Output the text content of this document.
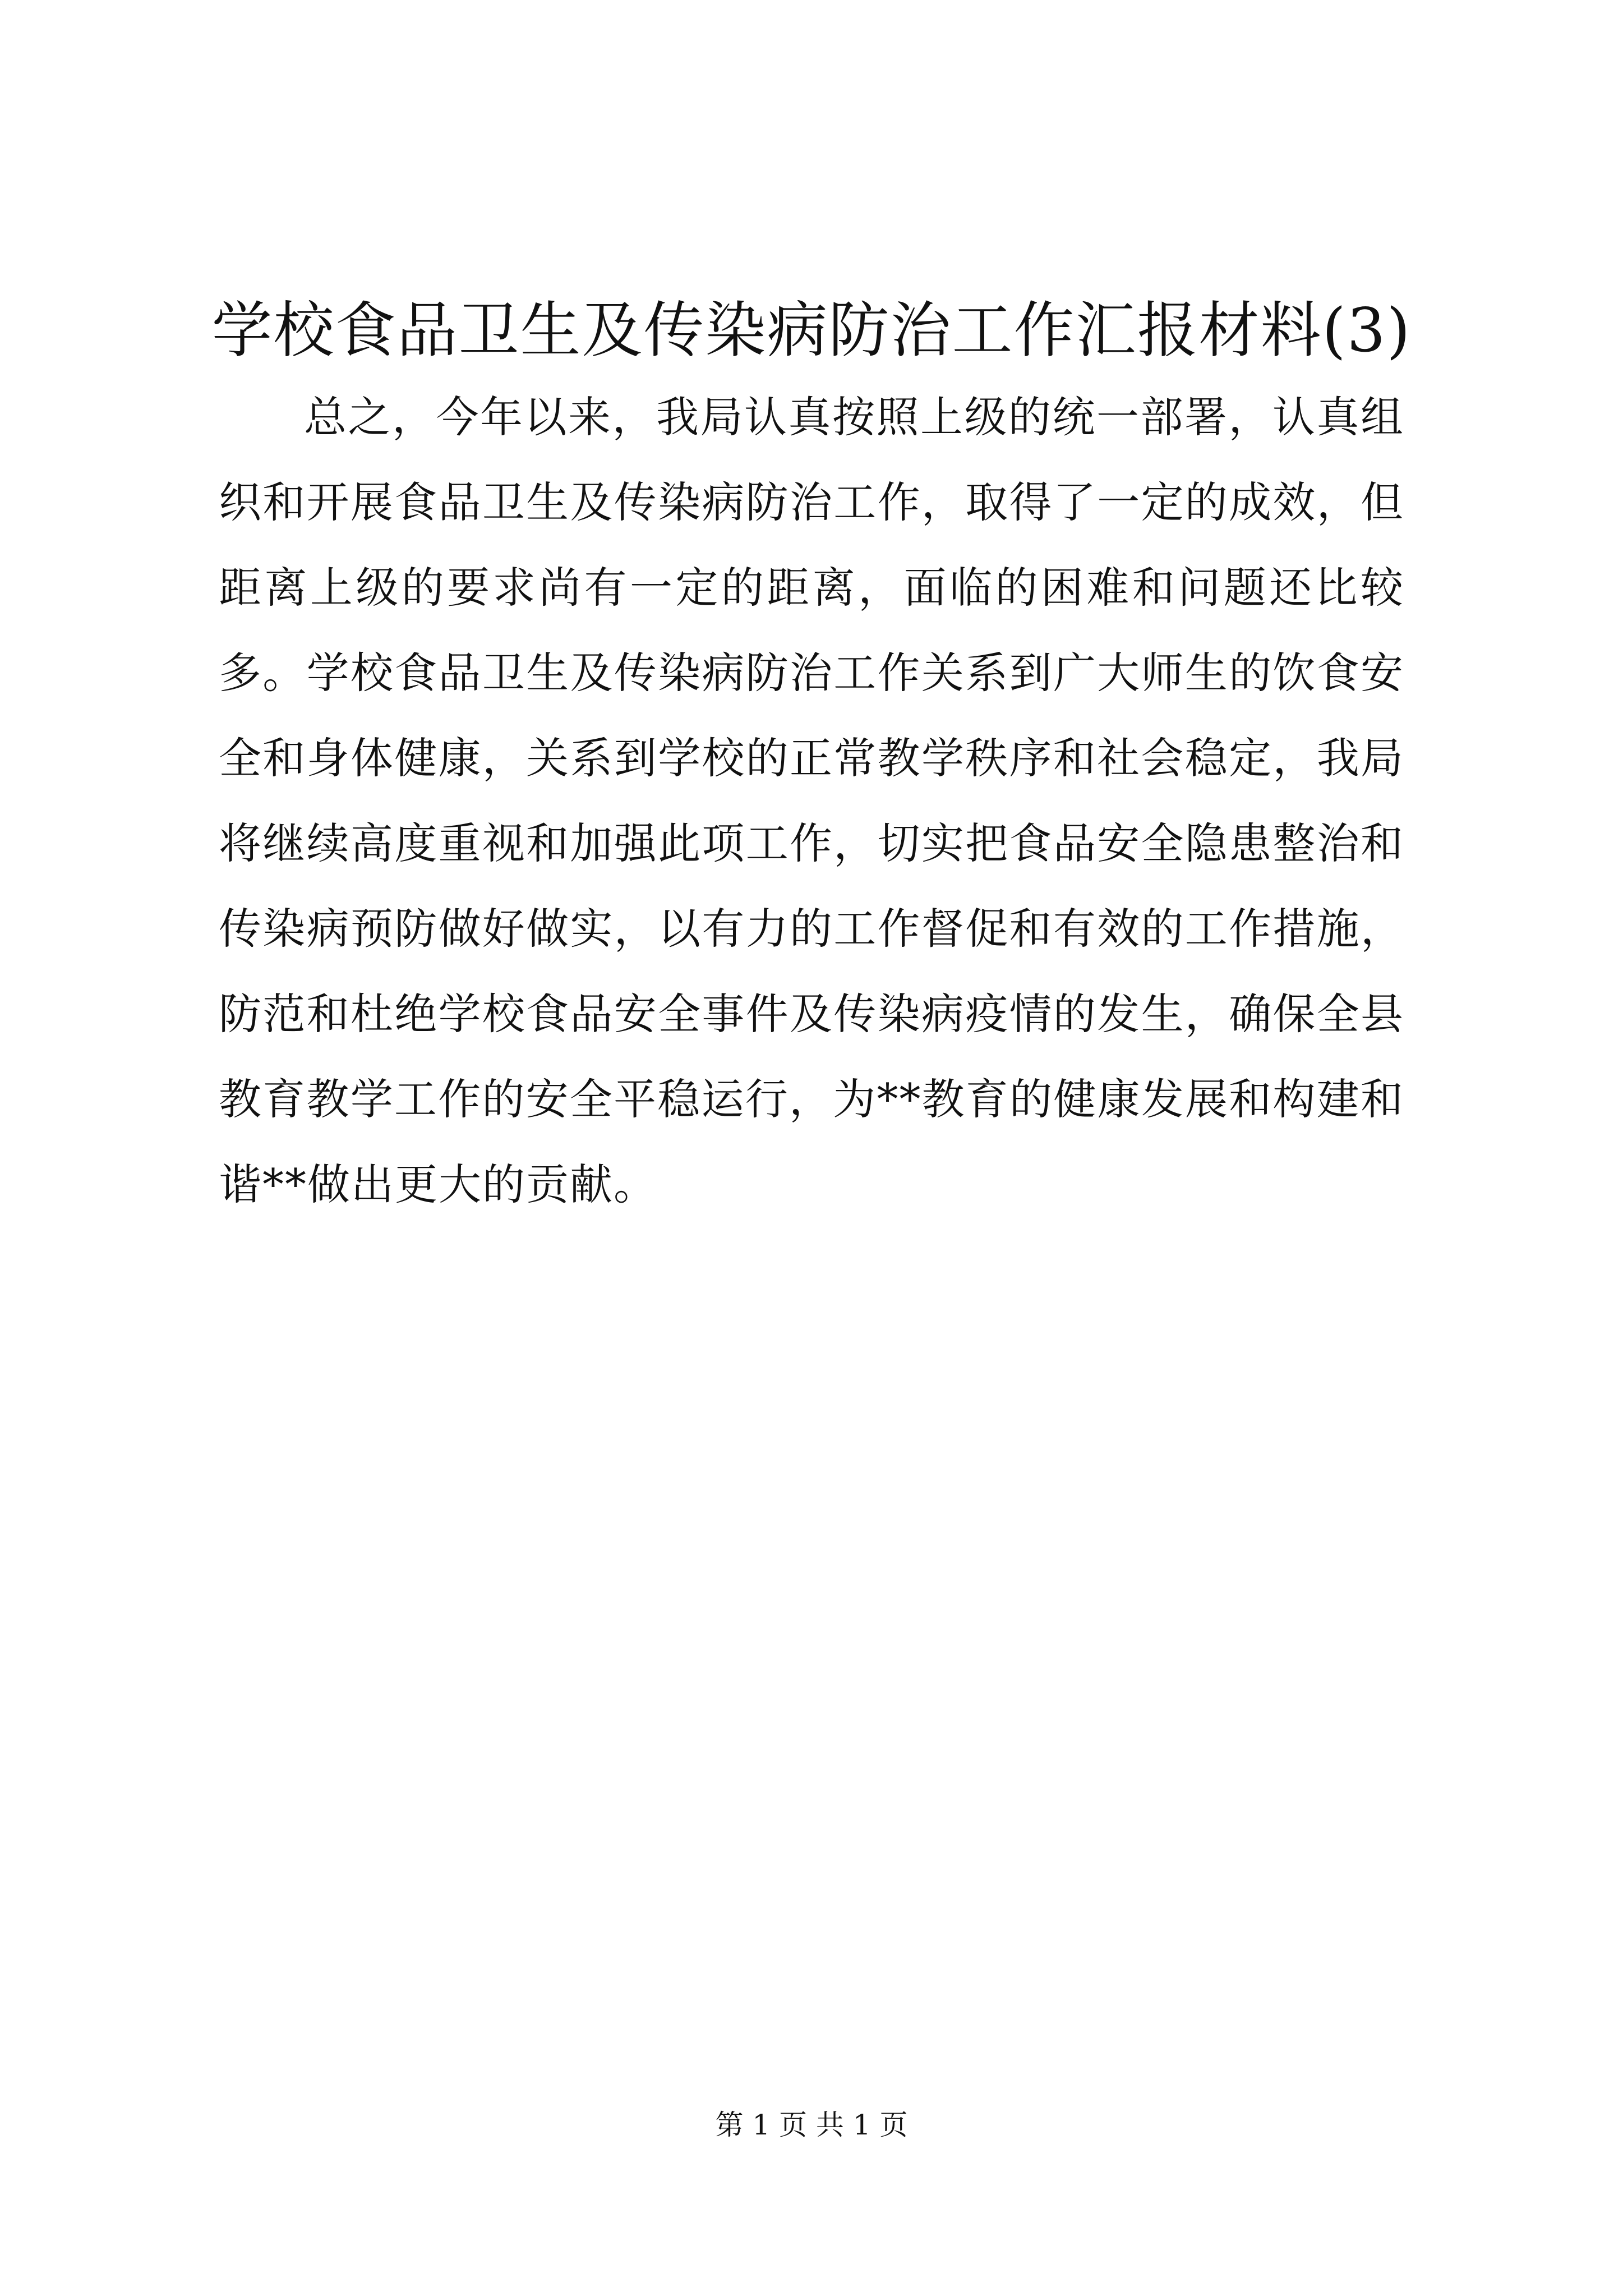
学校食品卫生及传染病防治工作汇报材料(3)

总之，今年以来，我局认真按照上级的统一部署，认真组织和开展食品卫生及传染病防治工作，取得了一定的成效，但距离上级的要求尚有一定的距离，面临的困难和问题还比较多。学校食品卫生及传染病防治工作关系到广大师生的饮食安全和身体健康，关系到学校的正常教学秩序和社会稳定，我局将继续高度重视和加强此项工作，切实把食品安全隐患整治和传染病预防做好做实，以有力的工作督促和有效的工作措施，防范和杜绝学校食品安全事件及传染病疫情的发生，确保全县教育教学工作的安全平稳运行，为**教育的健康发展和构建和谐**做出更大的贡献。

第 1 页 共 1 页
